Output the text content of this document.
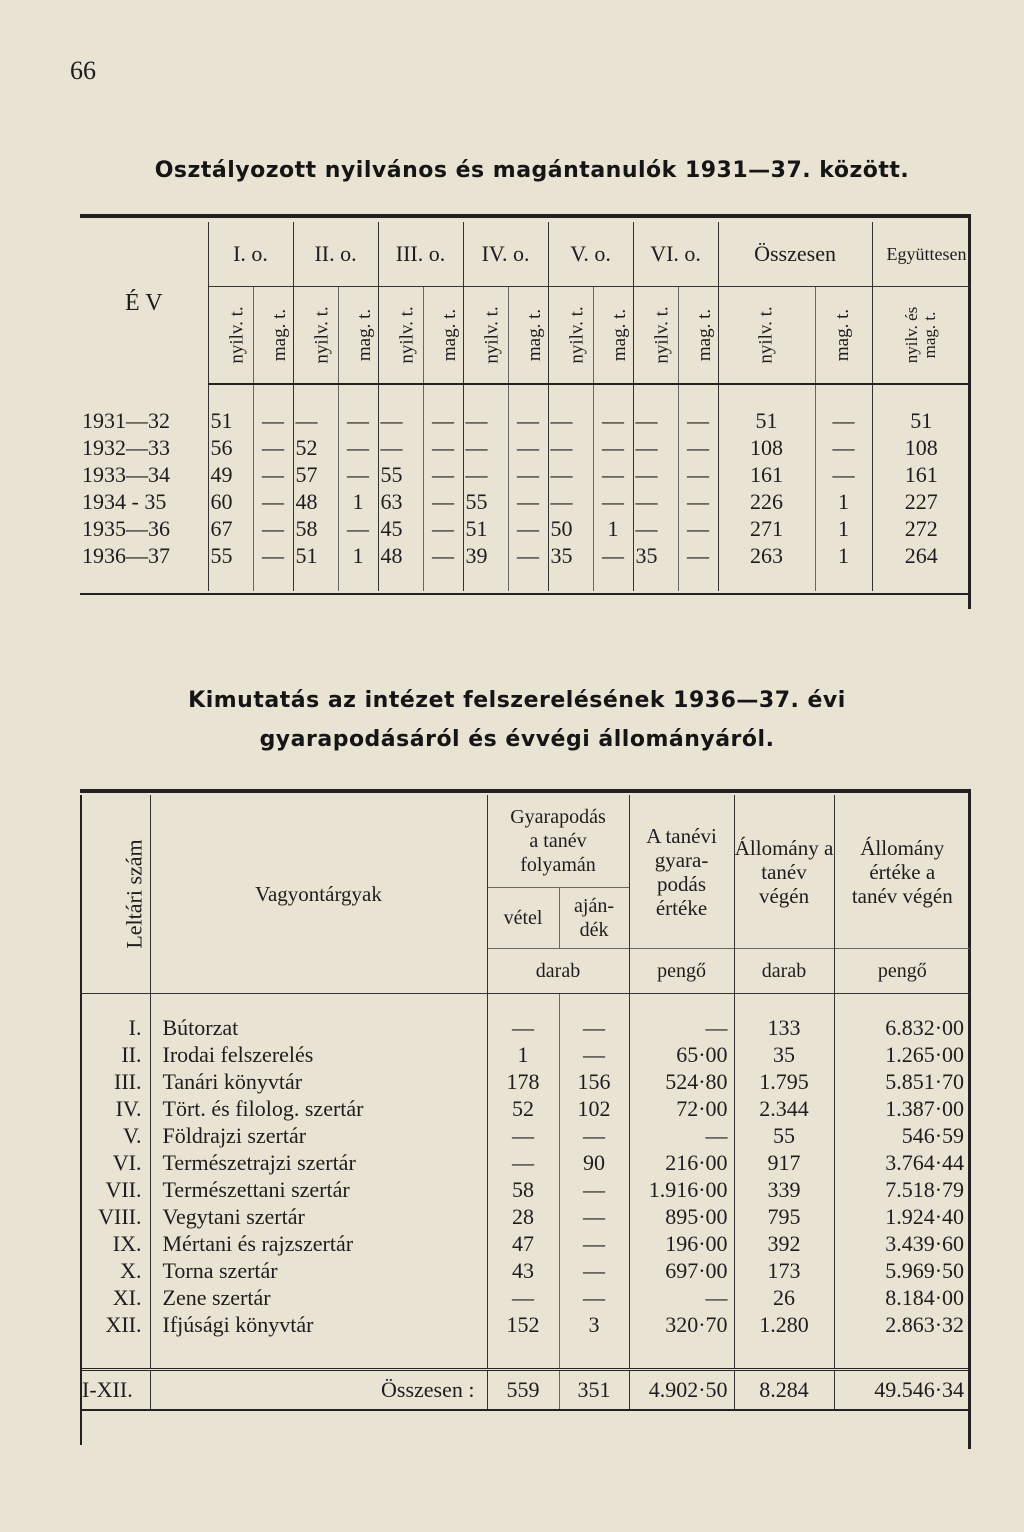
66
Osztályozott nyilvános és magántanulók 1931—37. között.
É V	I. o.		II. o.		III. o.		IV. o.		V. o.		VI. o.		Összesen		Együttesen
	nyilv. t.	mag. t.	nyilv. t.	mag. t.	nyilv. t.	mag. t.	nyilv. t.	mag. t.	nyilv. t.	mag. t.	nyilv. t.	mag. t.	nyilv. t.	mag. t.	nyilv. és mag. t.

1931—32	51	—	—	—	—	—	—	—	—	—	—	—	51	—	51
1932—33	56	—	52	—	—	—	—	—	—	—	—	—	108	—	108
1933—34	49	—	57	—	55	—	—	—	—	—	—	—	161	—	161
1934 - 35	60	—	48	1	63	—	55	—	—	—	—	—	226	1	227
1935—36	67	—	58	—	45	—	51	—	50	1	—	—	271	1	272
1936—37	55	—	51	1	48	—	39	—	35	—	35	—	263	1	264

Kimutatás az intézet felszerelésének 1936—37. évi
gyarapodásáról és évvégi állományáról.
Leltári szám	Vagyontárgyak	Gyarapodás a tanév folyamán		A tanévi gyara- podás értéke	Állomány a tanév végén	Állomány értéke a tanév végén
		vétel	aján- dék			
		darab		pengő	darab	pengő

I.	Bútorzat	—	—	—	133	6.832·00
II.	Irodai felszerelés	1	—	65·00	35	1.265·00
III.	Tanári könyvtár	178	156	524·80	1.795	5.851·70
IV.	Tört. és filolog. szertár	52	102	72·00	2.344	1.387·00
V.	Földrajzi szertár	—	—	—	55	546·59
VI.	Természetrajzi szertár	—	90	216·00	917	3.764·44
VII.	Természettani szertár	58	—	1.916·00	339	7.518·79
VIII.	Vegytani szertár	28	—	895·00	795	1.924·40
IX.	Mértani és rajzszertár	47	—	196·00	392	3.439·60
X.	Torna szertár	43	—	697·00	173	5.969·50
XI.	Zene szertár	—	—	—	26	8.184·00
XII.	Ifjúsági könyvtár	152	3	320·70	1.280	2.863·32

I-XII.	Összesen :	559	351	4.902·50	8.284	49.546·34
